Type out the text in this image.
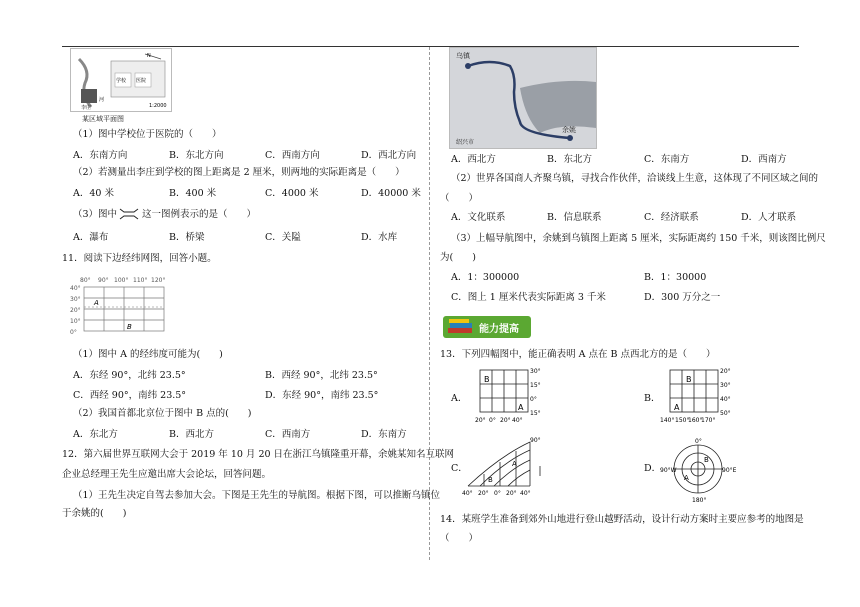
N
学校 医院
李庄
河
1:2000
某区域平面图
（1）图中学校位于医院的（　　）
A．东南方向	B．东北方向	C．西南方向	D．西北方向
（2）若测量出李庄到学校的图上距离是 2 厘米，则两地的实际距离是（　　）
A．40 米	B．400 米	C．4000 米	D．40000 米
（3）图中	这一图例表示的是（　　）
A．瀑布	B．桥梁	C．关隘	D．水库
11．阅读下边经纬网图，回答小题。
80° 90° 100° 110° 120°
40°
30°
20°
10°
0°
A
B
（1）图中 A 的经纬度可能为(　　)
A．东经 90°，北纬 23.5°	B．西经 90°，北纬 23.5°
C．西经 90°，南纬 23.5°	D．东经 90°，南纬 23.5°
（2）我国首都北京位于图中 B 点的(　　)
A．东北方	B．西北方	C．西南方	D．东南方
12．第六届世界互联网大会于 2019 年 10 月 20 日在浙江乌镇隆重开幕，余姚某知名互联网
企业总经理王先生应邀出席大会论坛，回答问题。
（1）王先生决定自驾去参加大会。下图是王先生的导航图。根据下图，可以推断乌镇位
于余姚的(　　)
乌镇
余姚
绍兴市
A．西北方	B．东北方	C．东南方	D．西南方
（2）世界各国商人齐聚乌镇，寻找合作伙伴，洽谈线上生意，这体现了不同区域之间的
（　　）
A．文化联系	B．信息联系	C．经济联系	D．人才联系
（3）上幅导航图中，余姚到乌镇图上距离 5 厘米，实际距离约 150 千米，则该图比例尺
为(　　)
A．1：300000	B．1：30000
C．图上 1 厘米代表实际距离 3 千米	D．300 万分之一
能力提高
13．下列四幅图中，能正确表明 A 点在 B 点西北方的是（　　）
A．
B
A
30°
15°
0°
15°
20° 0° 20° 40°
B．
B
A
20°
30°
40°
50°
140° 150°
160°
170°
C．
B
A
90°
40° 20° 0° 20° 40°
D．
A
B
0°
90°E
90°W
180°
14．某班学生准备到郊外山地进行登山越野活动，设计行动方案时主要应参考的地图是
（　　）
